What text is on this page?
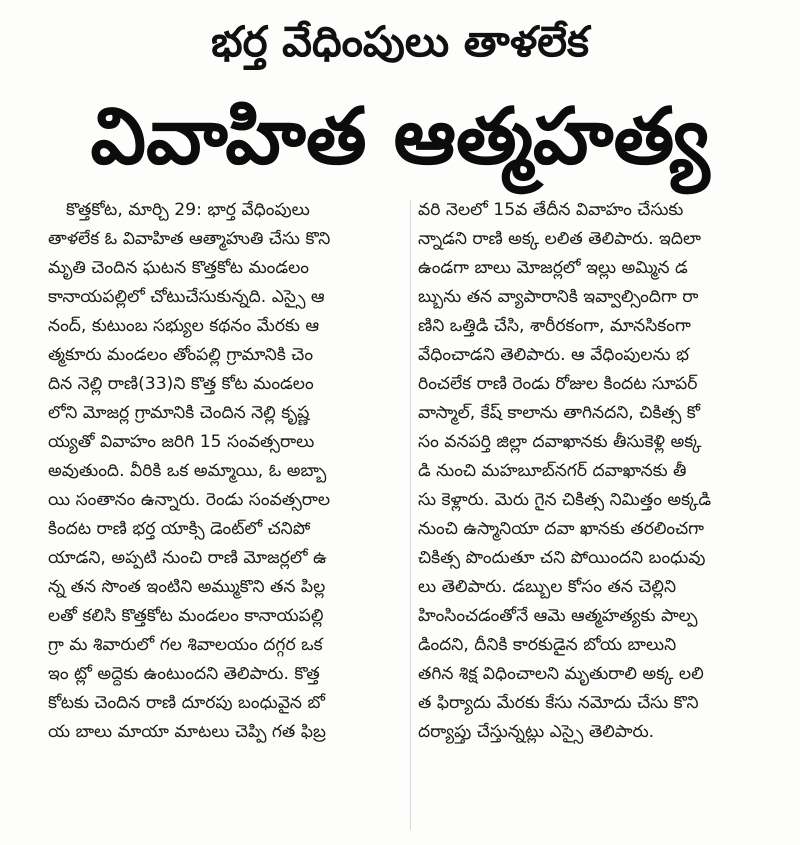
భర్త వేధింపులు తాళలేక
వివాహిత ఆత్మహత్య
కొత్తకోట, మార్చి 29: భార్త వేధింపులు
తాళలేక ఓ వివాహిత ఆత్మాహుతి చేసు కొని
మృతి చెందిన ఘటన కొత్తకోట మండలం
కానాయపల్లిలో చోటుచేసుకున్నది. ఎస్సై ఆ
నంద్, కుటుంబ సభ్యుల కథనం మేరకు ఆ
త్మకూరు మండలం తోంపల్లి గ్రామానికి చెం
దిన నెల్లి రాణి(33)ని కొత్త కోట మండలం
లోని మోజర్ల గ్రామానికి చెందిన నెల్లి కృష్ణ
య్యతో వివాహం జరిగి 15 సంవత్సరాలు
అవుతుంది. వీరికి ఒక అమ్మాయి, ఓ అబ్బా
యి సంతానం ఉన్నారు. రెండు సంవత్సరాల
కిందట రాణి భర్త యాక్సి డెంట్‌లో చనిపో
యాడని, అప్పటి నుంచి రాణి మోజర్లలో ఉ
న్న తన సొంత ఇంటిని అమ్ముకొని తన పిల్ల
లతో కలిసి కొత్తకోట మండలం కానాయపల్లి
గ్రా మ శివారులో గల శివాలయం దగ్గర ఒక
ఇం ట్లో అద్దెకు ఉంటుందని తెలిపారు. కొత్త
కోటకు చెందిన రాణి దూరపు బంధువైన బో
య బాలు మాయా మాటలు చెప్పి గత ఫిబ్ర
వరి నెలలో 15వ తేదీన వివాహం చేసుకు
న్నాడని రాణి అక్క లలిత తెలిపారు. ఇదిలా
ఉండగా బాలు మోజర్లలో ఇల్లు అమ్మిన డ
బ్బును తన వ్యాపారానికి ఇవ్వాల్సిందిగా రా
ణిని ఒత్తిడి చేసి, శారీరకంగా, మానసికంగా
వేధించాడని తెలిపారు. ఆ వేధింపులను భ
రించలేక రాణి రెండు రోజుల కిందట సూపర్
వాస్మాల్, కేష్ కాలాను తాగినదని, చికిత్స కో
సం వనపర్తి జిల్లా దవాఖానకు తీసుకెళ్లి అక్క
డి నుంచి మహబూబ్‌నగర్ దవాఖానకు తీ
సు కెళ్లారు. మెరు గైన చికిత్స నిమిత్తం అక్కడి
నుంచి ఉస్మానియా దవా ఖానకు తరలించగా
చికిత్స పొందుతూ చని పోయిందని బంధువు
లు తెలిపారు. డబ్బుల కోసం తన చెల్లిని
హింసించడంతోనే ఆమె ఆత్మహత్యకు పాల్ప
డిందని, దీనికి కారకుడైన బోయ బాలుని
తగిన శిక్ష విధించాలని మృతురాలి అక్క లలి
త ఫిర్యాదు మేరకు కేసు నమోదు చేసు కొని
దర్యాప్తు చేస్తున్నట్లు ఎస్సై తెలిపారు.
